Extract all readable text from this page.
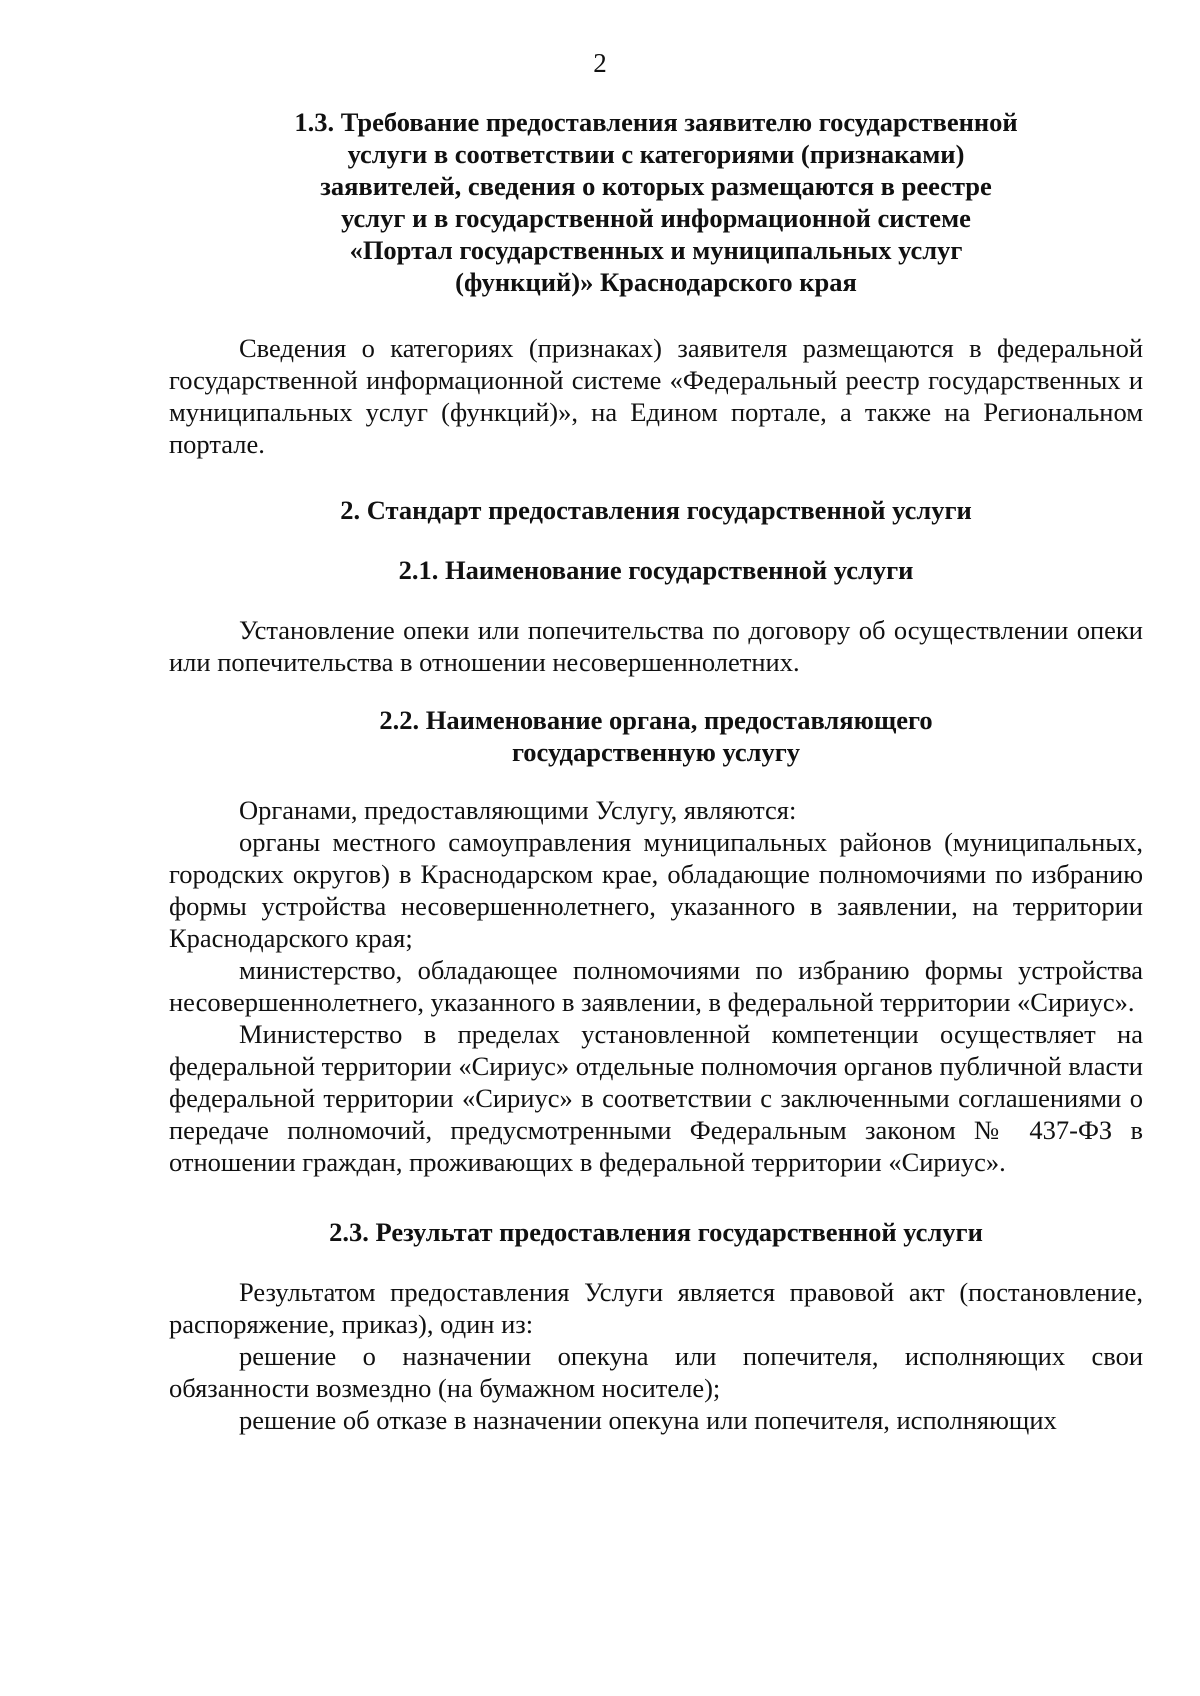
2
1.3. Требование предоставления заявителю государственной
услуги в соответствии с категориями (признаками)
заявителей, сведения о которых размещаются в реестре
услуг и в государственной информационной системе
«Портал государственных и муниципальных услуг
(функций)» Краснодарского края

Сведения о категориях (признаках) заявителя размещаются в федеральной государственной информационной системе «Федеральный реестр государственных и муниципальных услуг (функций)», на Едином портале, а также на Региональном портале.

2. Стандарт предоставления государственной услуги
2.1. Наименование государственной услуги

Установление опеки или попечительства по договору об осуществлении опеки или попечительства в отношении несовершеннолетних.

2.2. Наименование органа, предоставляющего
государственную услугу

Органами, предоставляющими Услугу, являются:

органы местного самоуправления муниципальных районов (муниципальных, городских округов) в Краснодарском крае, обладающие полномочиями по избранию формы устройства несовершеннолетнего, указанного в заявлении, на территории Краснодарского края;

министерство, обладающее полномочиями по избранию формы устройства несовершеннолетнего, указанного в заявлении, в федеральной территории «Сириус».

Министерство в пределах установленной компетенции осуществляет на федеральной территории «Сириус» отдельные полномочия органов публичной власти федеральной территории «Сириус» в соответствии с заключенными соглашениями о передаче полномочий, предусмотренными Федеральным законом № 437-ФЗ в отношении граждан, проживающих в федеральной территории «Сириус».

2.3. Результат предоставления государственной услуги

Результатом предоставления Услуги является правовой акт (постановление, распоряжение, приказ), один из:

решение о назначении опекуна или попечителя, исполняющих свои обязанности возмездно (на бумажном носителе);

решение об отказе в назначении опекуна или попечителя, исполняющих
